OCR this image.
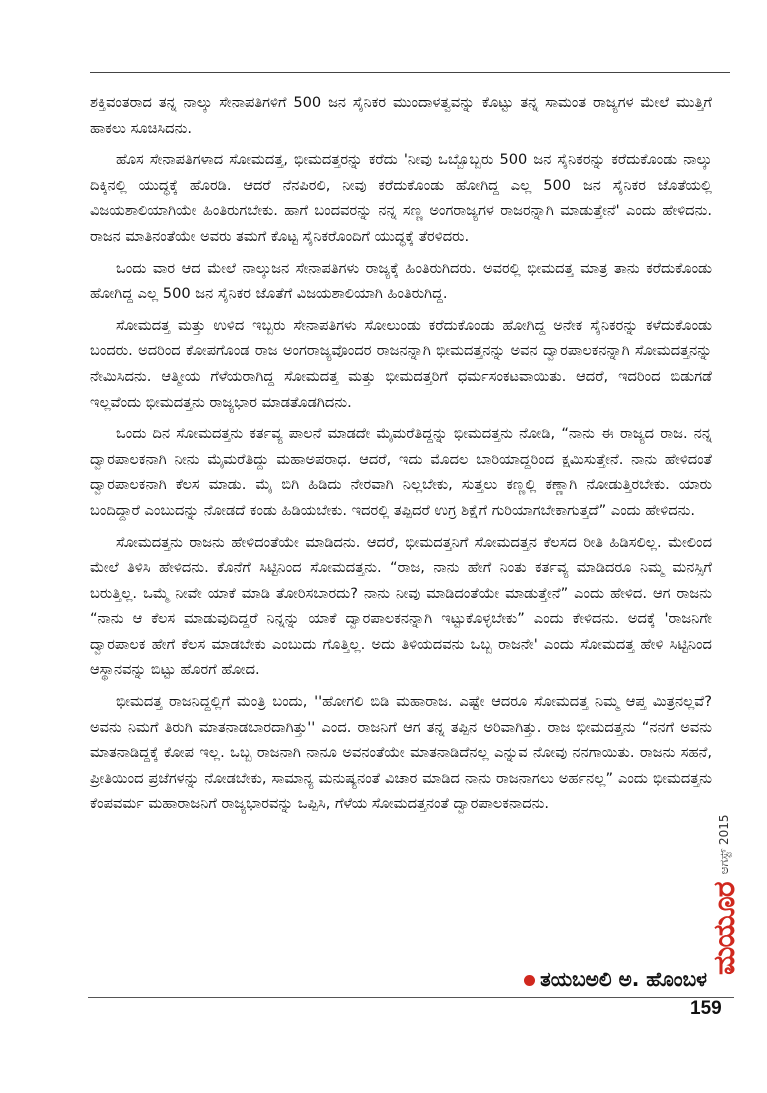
ಶಕ್ತಿವಂತರಾದ ತನ್ನ ನಾಲ್ಕು ಸೇನಾಪತಿಗಳಿಗೆ 500 ಜನ ಸೈನಿಕರ ಮುಂದಾಳತ್ವವನ್ನು ಕೊಟ್ಟು ತನ್ನ ಸಾಮಂತ ರಾಜ್ಯಗಳ ಮೇಲೆ ಮುತ್ತಿಗೆ ಹಾಕಲು ಸೂಚಿಸಿದನು.

ಹೊಸ ಸೇನಾಪತಿಗಳಾದ ಸೋಮದತ್ತ, ಭೀಮದತ್ತರನ್ನು ಕರೆದು 'ನೀವು ಒಬ್ಬೊಬ್ಬರು 500 ಜನ ಸೈನಿಕರನ್ನು ಕರೆದುಕೊಂಡು ನಾಲ್ಕು ದಿಕ್ಕಿನಲ್ಲಿ ಯುದ್ಧಕ್ಕೆ ಹೊರಡಿ. ಆದರೆ ನೆನಪಿರಲಿ, ನೀವು ಕರೆದುಕೊಂಡು ಹೋಗಿದ್ದ ಎಲ್ಲ 500 ಜನ ಸೈನಿಕರ ಜೊತೆಯಲ್ಲಿ ವಿಜಯಶಾಲಿಯಾಗಿಯೇ ಹಿಂತಿರುಗಬೇಕು. ಹಾಗೆ ಬಂದವರನ್ನು ನನ್ನ ಸಣ್ಣ ಅಂಗರಾಜ್ಯಗಳ ರಾಜರನ್ನಾಗಿ ಮಾಡುತ್ತೇನೆ' ಎಂದು ಹೇಳಿದನು. ರಾಜನ ಮಾತಿನಂತೆಯೇ ಅವರು ತಮಗೆ ಕೊಟ್ಟ ಸೈನಿಕರೊಂದಿಗೆ ಯುದ್ಧಕ್ಕೆ ತೆರಳಿದರು.

ಒಂದು ವಾರ ಆದ ಮೇಲೆ ನಾಲ್ಕುಜನ ಸೇನಾಪತಿಗಳು ರಾಜ್ಯಕ್ಕೆ ಹಿಂತಿರುಗಿದರು. ಅವರಲ್ಲಿ ಭೀಮದತ್ತ ಮಾತ್ರ ತಾನು ಕರೆದುಕೊಂಡು ಹೋಗಿದ್ದ ಎಲ್ಲ 500 ಜನ ಸೈನಿಕರ ಜೊತೆಗೆ ವಿಜಯಶಾಲಿಯಾಗಿ ಹಿಂತಿರುಗಿದ್ದ.

ಸೋಮದತ್ತ ಮತ್ತು ಉಳಿದ ಇಬ್ಬರು ಸೇನಾಪತಿಗಳು ಸೋಲುಂಡು ಕರೆದುಕೊಂಡು ಹೋಗಿದ್ದ ಅನೇಕ ಸೈನಿಕರನ್ನು ಕಳೆದುಕೊಂಡು ಬಂದರು. ಅದರಿಂದ ಕೋಪಗೊಂಡ ರಾಜ ಅಂಗರಾಜ್ಯವೊಂದರ ರಾಜನನ್ನಾಗಿ ಭೀಮದತ್ತನನ್ನು ಅವನ ದ್ವಾರಪಾಲಕನನ್ನಾಗಿ ಸೋಮದತ್ತನನ್ನು ನೇಮಿಸಿದನು. ಆತ್ಮೀಯ ಗೆಳೆಯರಾಗಿದ್ದ ಸೋಮದತ್ತ ಮತ್ತು ಭೀಮದತ್ತರಿಗೆ ಧರ್ಮಸಂಕಟವಾಯಿತು. ಆದರೆ, ಇದರಿಂದ ಬಿಡುಗಡೆ ಇಲ್ಲವೆಂದು ಭೀಮದತ್ತನು ರಾಜ್ಯಭಾರ ಮಾಡತೊಡಗಿದನು.

ಒಂದು ದಿನ ಸೋಮದತ್ತನು ಕರ್ತವ್ಯ ಪಾಲನೆ ಮಾಡದೇ ಮೈಮರೆತಿದ್ದನ್ನು ಭೀಮದತ್ತನು ನೋಡಿ, “ನಾನು ಈ ರಾಜ್ಯದ ರಾಜ. ನನ್ನ ದ್ವಾರಪಾಲಕನಾಗಿ ನೀನು ಮೈಮರೆತಿದ್ದು ಮಹಾಅಪರಾಧ. ಆದರೆ, ಇದು ಮೊದಲ ಬಾರಿಯಾದ್ದರಿಂದ ಕ್ಷಮಿಸುತ್ತೇನೆ. ನಾನು ಹೇಳಿದಂತೆ ದ್ವಾರಪಾಲಕನಾಗಿ ಕೆಲಸ ಮಾಡು. ಮೈ ಬಿಗಿ ಹಿಡಿದು ನೇರವಾಗಿ ನಿಲ್ಲಬೇಕು, ಸುತ್ತಲು ಕಣ್ಣಲ್ಲಿ ಕಣ್ಣಾಗಿ ನೋಡುತ್ತಿರಬೇಕು. ಯಾರು ಬಂದಿದ್ದಾರೆ ಎಂಬುದನ್ನು ನೋಡದೆ ಕಂಡು ಹಿಡಿಯಬೇಕು. ಇದರಲ್ಲಿ ತಪ್ಪಿದರೆ ಉಗ್ರ ಶಿಕ್ಷೆಗೆ ಗುರಿಯಾಗಬೇಕಾಗುತ್ತದೆ” ಎಂದು ಹೇಳಿದನು.

ಸೋಮದತ್ತನು ರಾಜನು ಹೇಳಿದಂತೆಯೇ ಮಾಡಿದನು. ಆದರೆ, ಭೀಮದತ್ತನಿಗೆ ಸೋಮದತ್ತನ ಕೆಲಸದ ರೀತಿ ಹಿಡಿಸಲಿಲ್ಲ. ಮೇಲಿಂದ ಮೇಲೆ ತಿಳಿಸಿ ಹೇಳಿದನು. ಕೊನೆಗೆ ಸಿಟ್ಟಿನಿಂದ ಸೋಮದತ್ತನು. “ರಾಜ, ನಾನು ಹೇಗೆ ನಿಂತು ಕರ್ತವ್ಯ ಮಾಡಿದರೂ ನಿಮ್ಮ ಮನಸ್ಸಿಗೆ ಬರುತ್ತಿಲ್ಲ. ಒಮ್ಮೆ ನೀವೇ ಯಾಕೆ ಮಾಡಿ ತೋರಿಸಬಾರದು? ನಾನು ನೀವು ಮಾಡಿದಂತೆಯೇ ಮಾಡುತ್ತೇನೆ” ಎಂದು ಹೇಳಿದ. ಆಗ ರಾಜನು “ನಾನು ಆ ಕೆಲಸ ಮಾಡುವುದಿದ್ದರೆ ನಿನ್ನನ್ನು ಯಾಕೆ ದ್ವಾರಪಾಲಕನನ್ನಾಗಿ ಇಟ್ಟುಕೊಳ್ಳಬೇಕು” ಎಂದು ಕೇಳಿದನು. ಅದಕ್ಕೆ 'ರಾಜನಿಗೇ ದ್ವಾರಪಾಲಕ ಹೇಗೆ ಕೆಲಸ ಮಾಡಬೇಕು ಎಂಬುದು ಗೊತ್ತಿಲ್ಲ. ಅದು ತಿಳಿಯದವನು ಒಬ್ಬ ರಾಜನೇ' ಎಂದು ಸೋಮದತ್ತ ಹೇಳಿ ಸಿಟ್ಟಿನಿಂದ ಆಸ್ಥಾನವನ್ನು ಬಿಟ್ಟು ಹೊರಗೆ ಹೋದ.

ಭೀಮದತ್ತ ರಾಜನಿದ್ದಲ್ಲಿಗೆ ಮಂತ್ರಿ ಬಂದು, ''ಹೋಗಲಿ ಬಿಡಿ ಮಹಾರಾಜ. ಎಷ್ಟೇ ಆದರೂ ಸೋಮದತ್ತ ನಿಮ್ಮ ಆಪ್ತ ಮಿತ್ರನಲ್ಲವೆ? ಅವನು ನಿಮಗೆ ತಿರುಗಿ ಮಾತನಾಡಬಾರದಾಗಿತ್ತು'' ಎಂದ. ರಾಜನಿಗೆ ಆಗ ತನ್ನ ತಪ್ಪಿನ ಅರಿವಾಗಿತ್ತು. ರಾಜ ಭೀಮದತ್ತನು “ನನಗೆ ಅವನು ಮಾತನಾಡಿದ್ದಕ್ಕೆ ಕೋಪ ಇಲ್ಲ. ಒಬ್ಬ ರಾಜನಾಗಿ ನಾನೂ ಅವನಂತೆಯೇ ಮಾತನಾಡಿದೆನಲ್ಲ ಎನ್ನುವ ನೋವು ನನಗಾಯಿತು. ರಾಜನು ಸಹನೆ, ಪ್ರೀತಿಯಿಂದ ಪ್ರಜೆಗಳನ್ನು ನೋಡಬೇಕು, ಸಾಮಾನ್ಯ ಮನುಷ್ಯನಂತೆ ವಿಚಾರ ಮಾಡಿದ ನಾನು ರಾಜನಾಗಲು ಅರ್ಹನಲ್ಲ” ಎಂದು ಭೀಮದತ್ತನು ಕೆಂಪವರ್ಮ ಮಹಾರಾಜನಿಗೆ ರಾಜ್ಯಭಾರವನ್ನು ಒಪ್ಪಿಸಿ, ಗೆಳೆಯ ಸೋಮದತ್ತನಂತೆ ದ್ವಾರಪಾಲಕನಾದನು.

ತಯಬಅಲಿ ಅ. ಹೊಂಬಳ
ಮಯೂರ
ಆಗಸ್ಟ್ 2015
159
